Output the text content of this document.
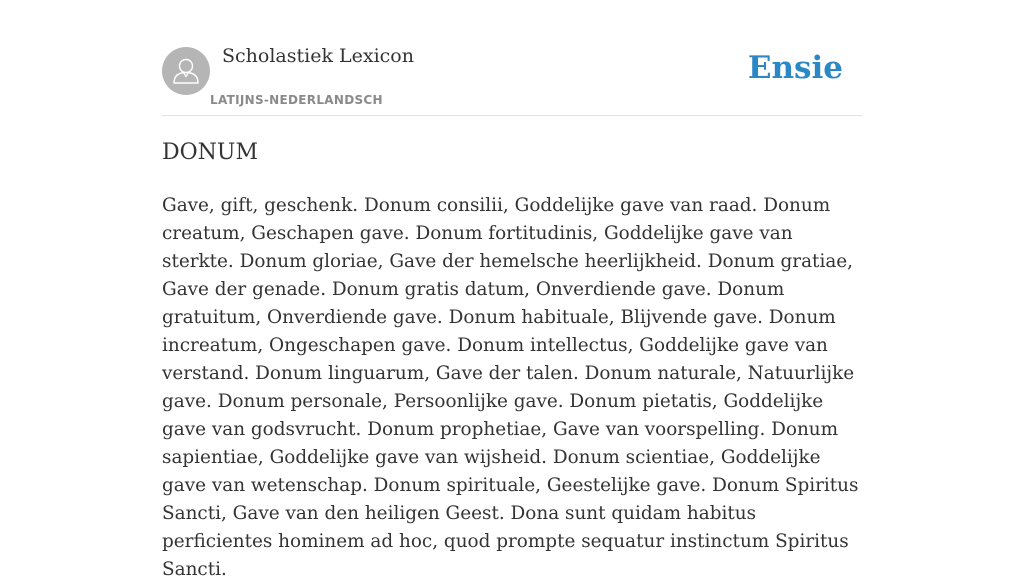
Scholastiek Lexicon
LATIJNS-NEDERLANDSCH
Ensie
DONUM

Gave, gift, geschenk. Donum consilii, Goddelijke gave van raad. Donum creatum, Geschapen gave. Donum fortitudinis, Goddelijke gave van sterkte. Donum gloriae, Gave der hemelsche heerlijkheid. Donum gratiae, Gave der genade. Donum gratis datum, Onverdiende gave. Donum gratuitum, Onverdiende gave. Donum habituale, Blijvende gave. Donum increatum, Ongeschapen gave. Donum intellectus, Goddelijke gave van verstand. Donum linguarum, Gave der talen. Donum naturale, Natuurlijke gave. Donum personale, Persoonlijke gave. Donum pietatis, Goddelijke gave van godsvrucht. Donum prophetiae, Gave van voorspelling. Donum sapientiae, Goddelijke gave van wijsheid. Donum scientiae, Goddelijke gave van wetenschap. Donum spirituale, Geestelijke gave. Donum Spiritus Sancti, Gave van den heiligen Geest. Dona sunt quidam habitus perficientes hominem ad hoc, quod prompte sequatur instinctum Spiritus Sancti.
